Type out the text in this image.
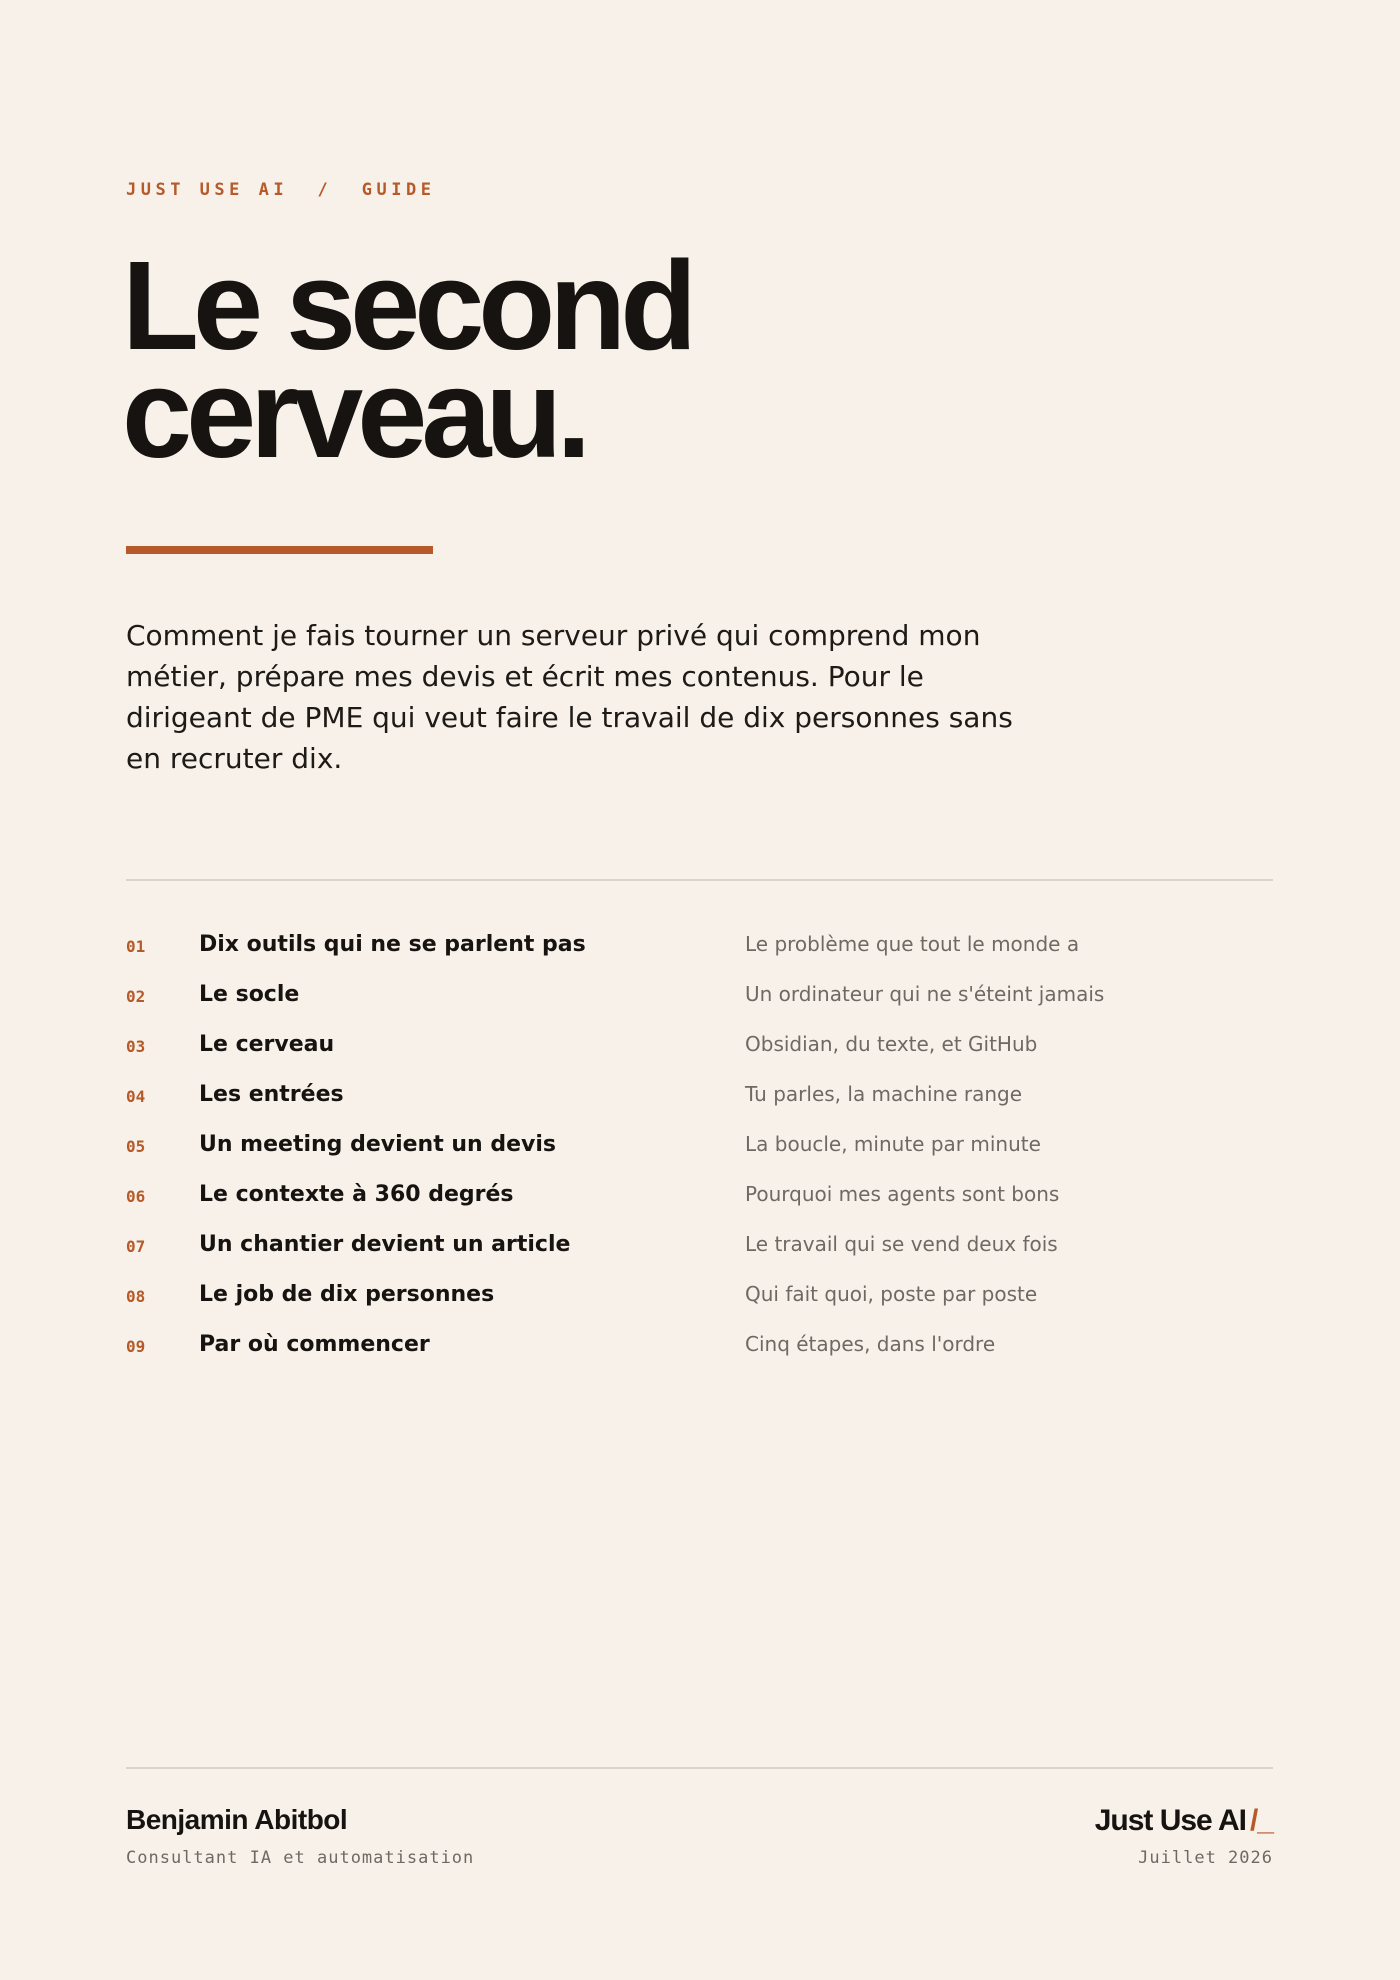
JUST USE AI  /  GUIDE
Le second
cerveau.

Comment je fais tourner un serveur privé qui comprend mon métier, prépare mes devis et écrit mes contenus. Pour le dirigeant de PME qui veut faire le travail de dix personnes sans en recruter dix.

01 Dix outils qui ne se parlent pas	Le problème que tout le monde a
02 Le socle	Un ordinateur qui ne s'éteint jamais
03 Le cerveau	Obsidian, du texte, et GitHub
04 Les entrées	Tu parles, la machine range
05 Un meeting devient un devis	La boucle, minute par minute
06 Le contexte à 360 degrés	Pourquoi mes agents sont bons
07 Un chantier devient un article	Le travail qui se vend deux fois
08 Le job de dix personnes	Qui fait quoi, poste par poste
09 Par où commencer	Cinq étapes, dans l'ordre
Benjamin Abitbol
Consultant IA et automatisation
Just Use AI /_
Juillet 2026
